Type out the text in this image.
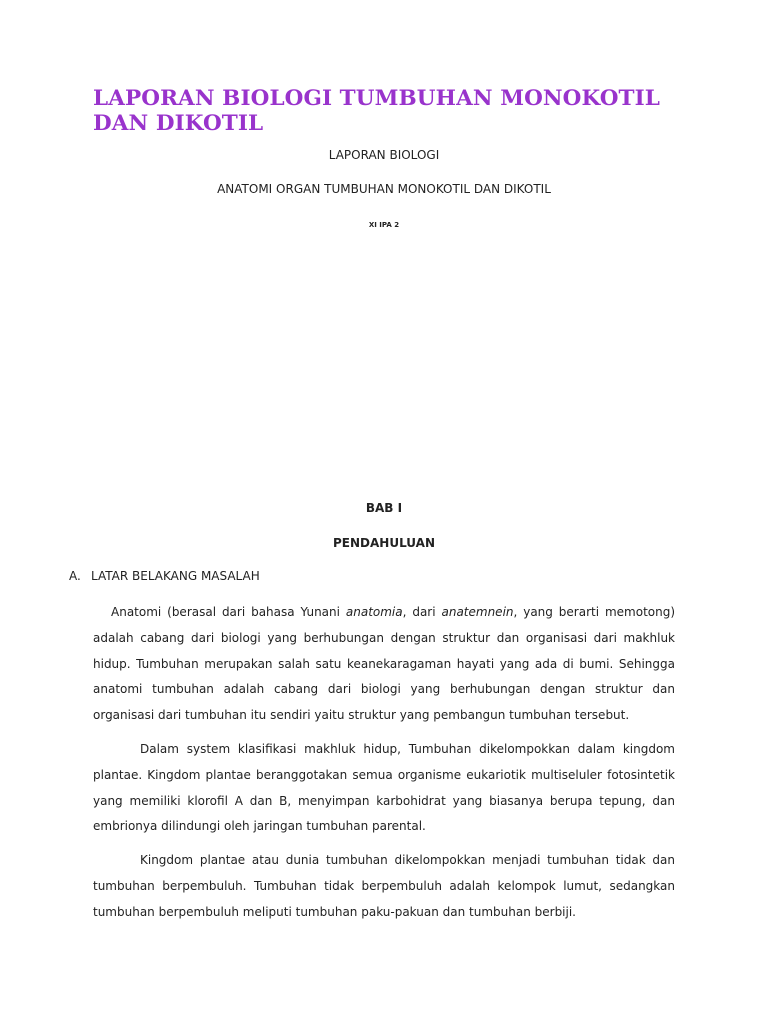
LAPORAN BIOLOGI TUMBUHAN MONOKOTIL DAN DIKOTIL

LAPORAN BIOLOGI

ANATOMI ORGAN TUMBUHAN MONOKOTIL DAN DIKOTIL

XI IPA 2

BAB I

PENDAHULUAN

A. LATAR BELAKANG MASALAH

Anatomi (berasal dari bahasa Yunani anatomia, dari anatemnein, yang berarti memotong) adalah cabang dari biologi yang berhubungan dengan struktur dan organisasi dari makhluk hidup. Tumbuhan merupakan salah satu keanekaragaman hayati yang ada di bumi. Sehingga anatomi tumbuhan adalah cabang dari biologi yang berhubungan dengan struktur dan organisasi dari tumbuhan itu sendiri yaitu struktur yang pembangun tumbuhan tersebut.

Dalam system klasifikasi makhluk hidup, Tumbuhan dikelompokkan dalam kingdom plantae. Kingdom plantae beranggotakan semua organisme eukariotik multiseluler fotosintetik yang memiliki klorofil A dan B, menyimpan karbohidrat yang biasanya berupa tepung, dan embrionya dilindungi oleh jaringan tumbuhan parental.

Kingdom plantae atau dunia tumbuhan dikelompokkan menjadi tumbuhan tidak dan tumbuhan berpembuluh. Tumbuhan tidak berpembuluh adalah kelompok lumut, sedangkan tumbuhan berpembuluh meliputi tumbuhan paku-pakuan dan tumbuhan berbiji.
